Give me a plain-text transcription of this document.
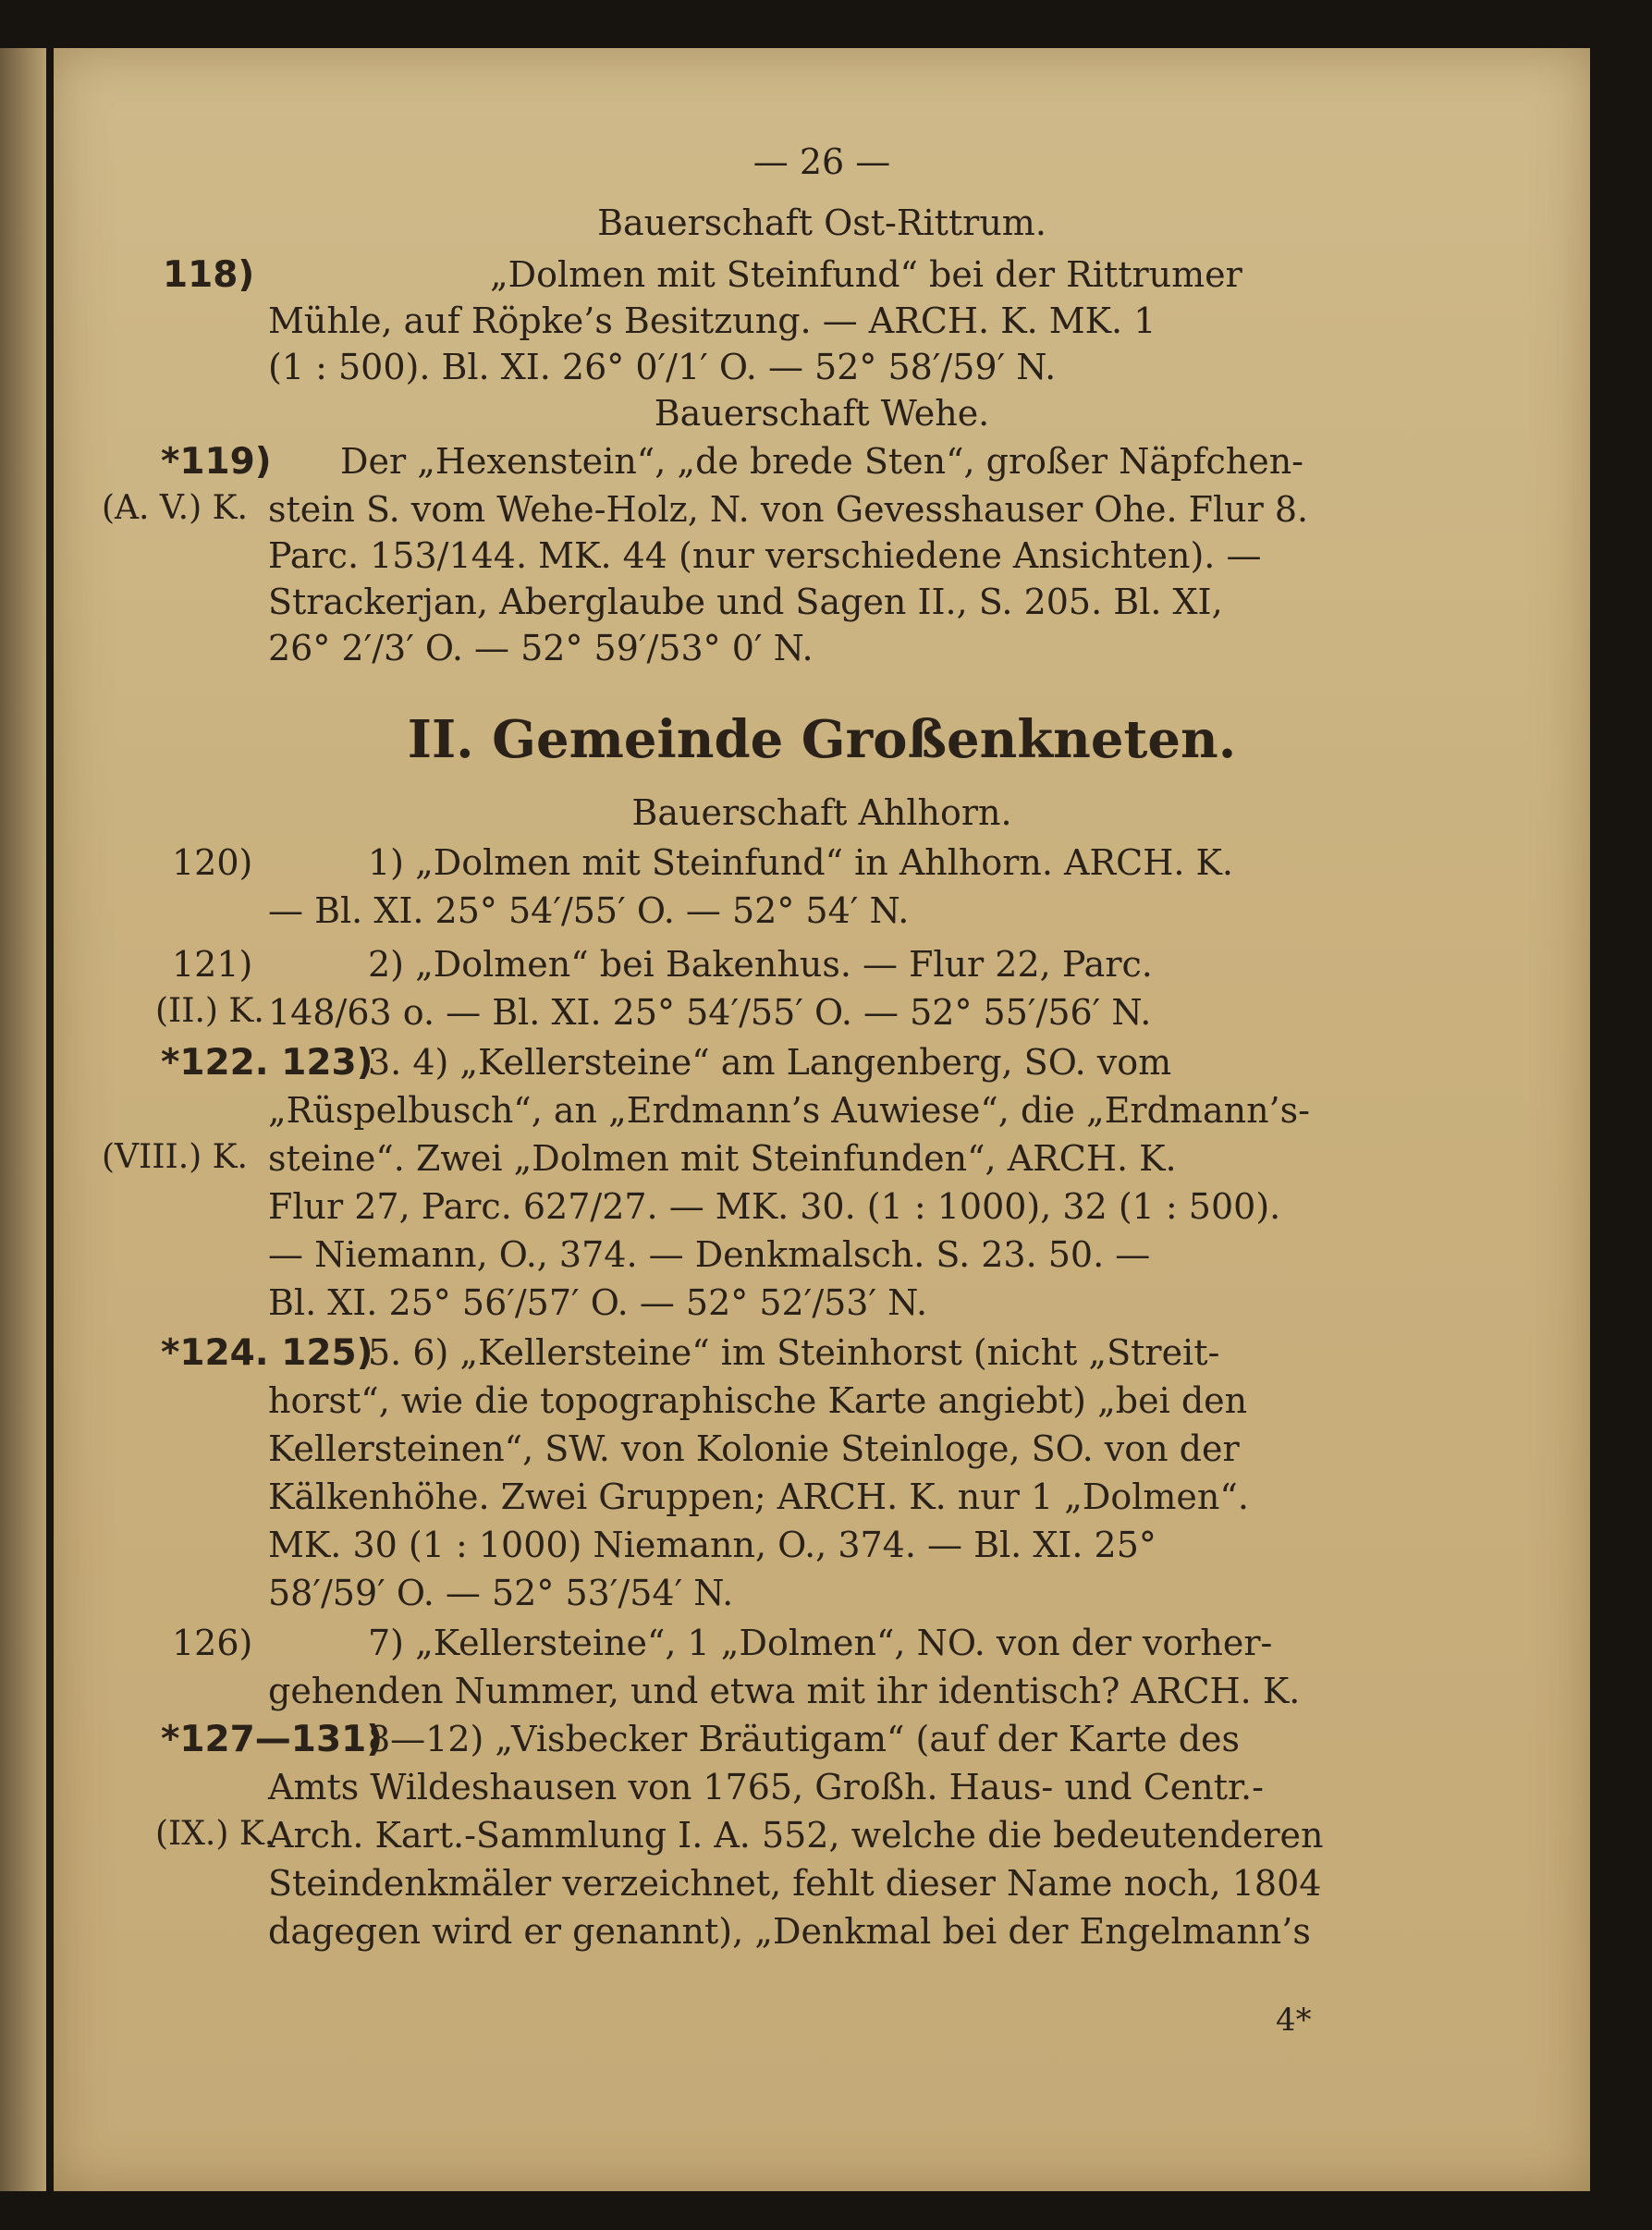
— 26 —
Bauerschaft Ost-Rittrum.
118)	„Dolmen mit Steinfund“ bei der Rittrumer
Mühle, auf Röpke’s Besitzung. — ARCH. K. MK. 1
(1 : 500). Bl. XI. 26° 0′/1′ O. — 52° 58′/59′ N.
Bauerschaft Wehe.
*119) Der „Hexenstein“, „de brede Sten“, großer Näpfchen-
(A. V.) K. stein S. vom Wehe-Holz, N. von Gevesshauser Ohe. Flur 8.
Parc. 153/144. MK. 44 (nur verschiedene Ansichten). —
Strackerjan, Aberglaube und Sagen II., S. 205. Bl. XI,
26° 2′/3′ O. — 52° 59′/53° 0′ N.
II. Gemeinde Großenkneten.
Bauerschaft Ahlhorn.
120)	1) „Dolmen mit Steinfund“ in Ahlhorn. ARCH. K.
— Bl. XI. 25° 54′/55′ O. — 52° 54′ N.
121)	2) „Dolmen“ bei Bakenhus. — Flur 22, Parc.
(II.) K. 148/63 o. — Bl. XI. 25° 54′/55′ O. — 52° 55′/56′ N.
*122. 123)
3. 4) „Kellersteine“ am Langenberg, SO. vom
„Rüspelbusch“, an „Erdmann’s Auwiese“, die „Erdmann’s-
(VIII.) K. steine“. Zwei „Dolmen mit Steinfunden“, ARCH. K.
Flur 27, Parc. 627/27. — MK. 30. (1 : 1000), 32 (1 : 500).
— Niemann, O., 374. — Denkmalsch. S. 23. 50. —
Bl. XI. 25° 56′/57′ O. — 52° 52′/53′ N.
*124. 125)
5. 6) „Kellersteine“ im Steinhorst (nicht „Streit-
horst“, wie die topographische Karte angiebt) „bei den
Kellersteinen“, SW. von Kolonie Steinloge, SO. von der
Kälkenhöhe. Zwei Gruppen; ARCH. K. nur 1 „Dolmen“.
MK. 30 (1 : 1000) Niemann, O., 374. — Bl. XI. 25°
58′/59′ O. — 52° 53′/54′ N.
126)	7) „Kellersteine“, 1 „Dolmen“, NO. von der vorher-
gehenden Nummer, und etwa mit ihr identisch? ARCH. K.
*127—131)
8—12) „Visbecker Bräutigam“ (auf der Karte des
Amts Wildeshausen von 1765, Großh. Haus- und Centr.-
(IX.) K.
Arch. Kart.-Sammlung I. A. 552, welche die bedeutenderen
Steindenkmäler verzeichnet, fehlt dieser Name noch, 1804
dagegen wird er genannt), „Denkmal bei der Engelmann’s
4*
